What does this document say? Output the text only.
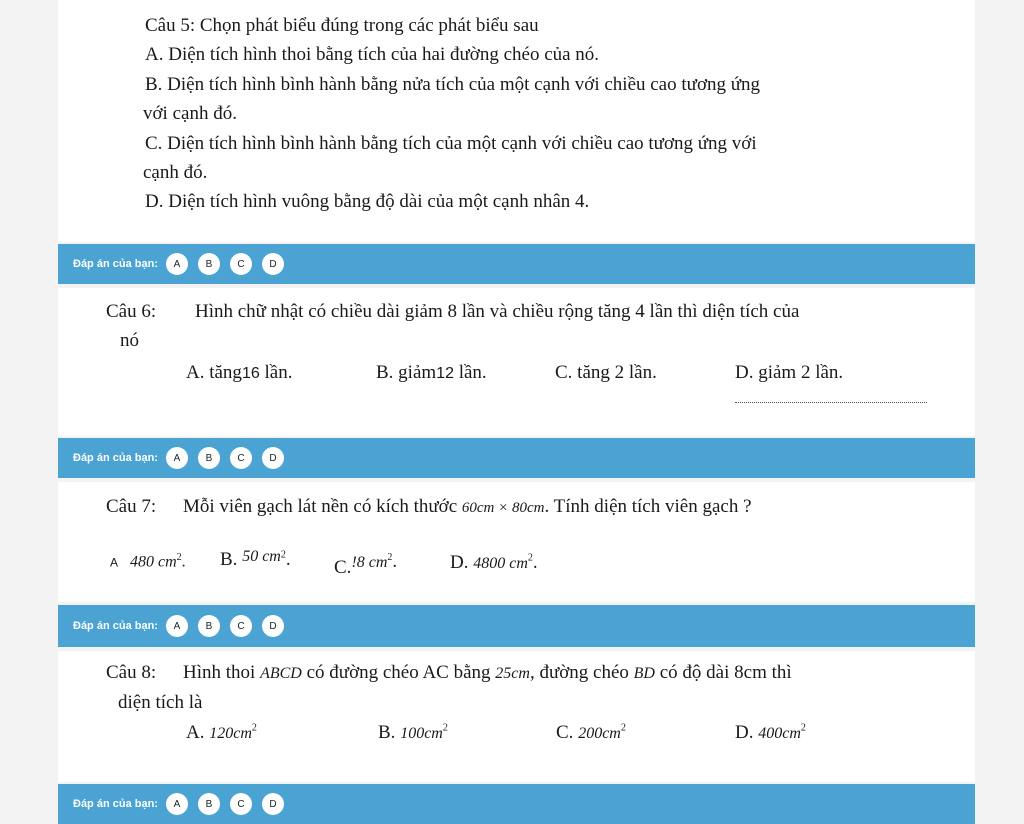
Câu 5: Chọn phát biểu đúng trong các phát biểu sau
A. Diện tích hình thoi bằng tích của hai đường chéo của nó.
B. Diện tích hình bình hành bằng nửa tích của một cạnh với chiều cao tương ứng
với cạnh đó.
C. Diện tích hình bình hành bằng tích của một cạnh với chiều cao tương ứng với
cạnh đó.
D. Diện tích hình vuông bằng độ dài của một cạnh nhân 4.
Đáp án của bạn:	A	B	C	D
Câu 6: Hình chữ nhật có chiều dài giảm 8 lần và chiều rộng tăng 4 lần thì diện tích của
nó
A. tăng16 lần.	B. giảm12 lần.	C. tăng 2 lần.	D. giảm 2 lần.
Đáp án của bạn:	A	B	C	D
Câu 7: Mỗi viên gạch lát nền có kích thước 60cm × 80cm. Tính diện tích viên gạch ?
A 480 $cm^2$. B. $^{50 cm2}$. C.$^{!8 cm2}$.	D. 4800 $cm^2$.
Đáp án của bạn:	A	B	C	D
Câu 8: Hình thoi ABCD có đường chéo AC bằng 25cm, đường chéo BD có độ dài 8cm thì
diện tích là
A. $120cm^2$	B. $100cm^2$	C. $200cm^2$	D. $400cm^2$
Đáp án của bạn:	A	B	C	D
